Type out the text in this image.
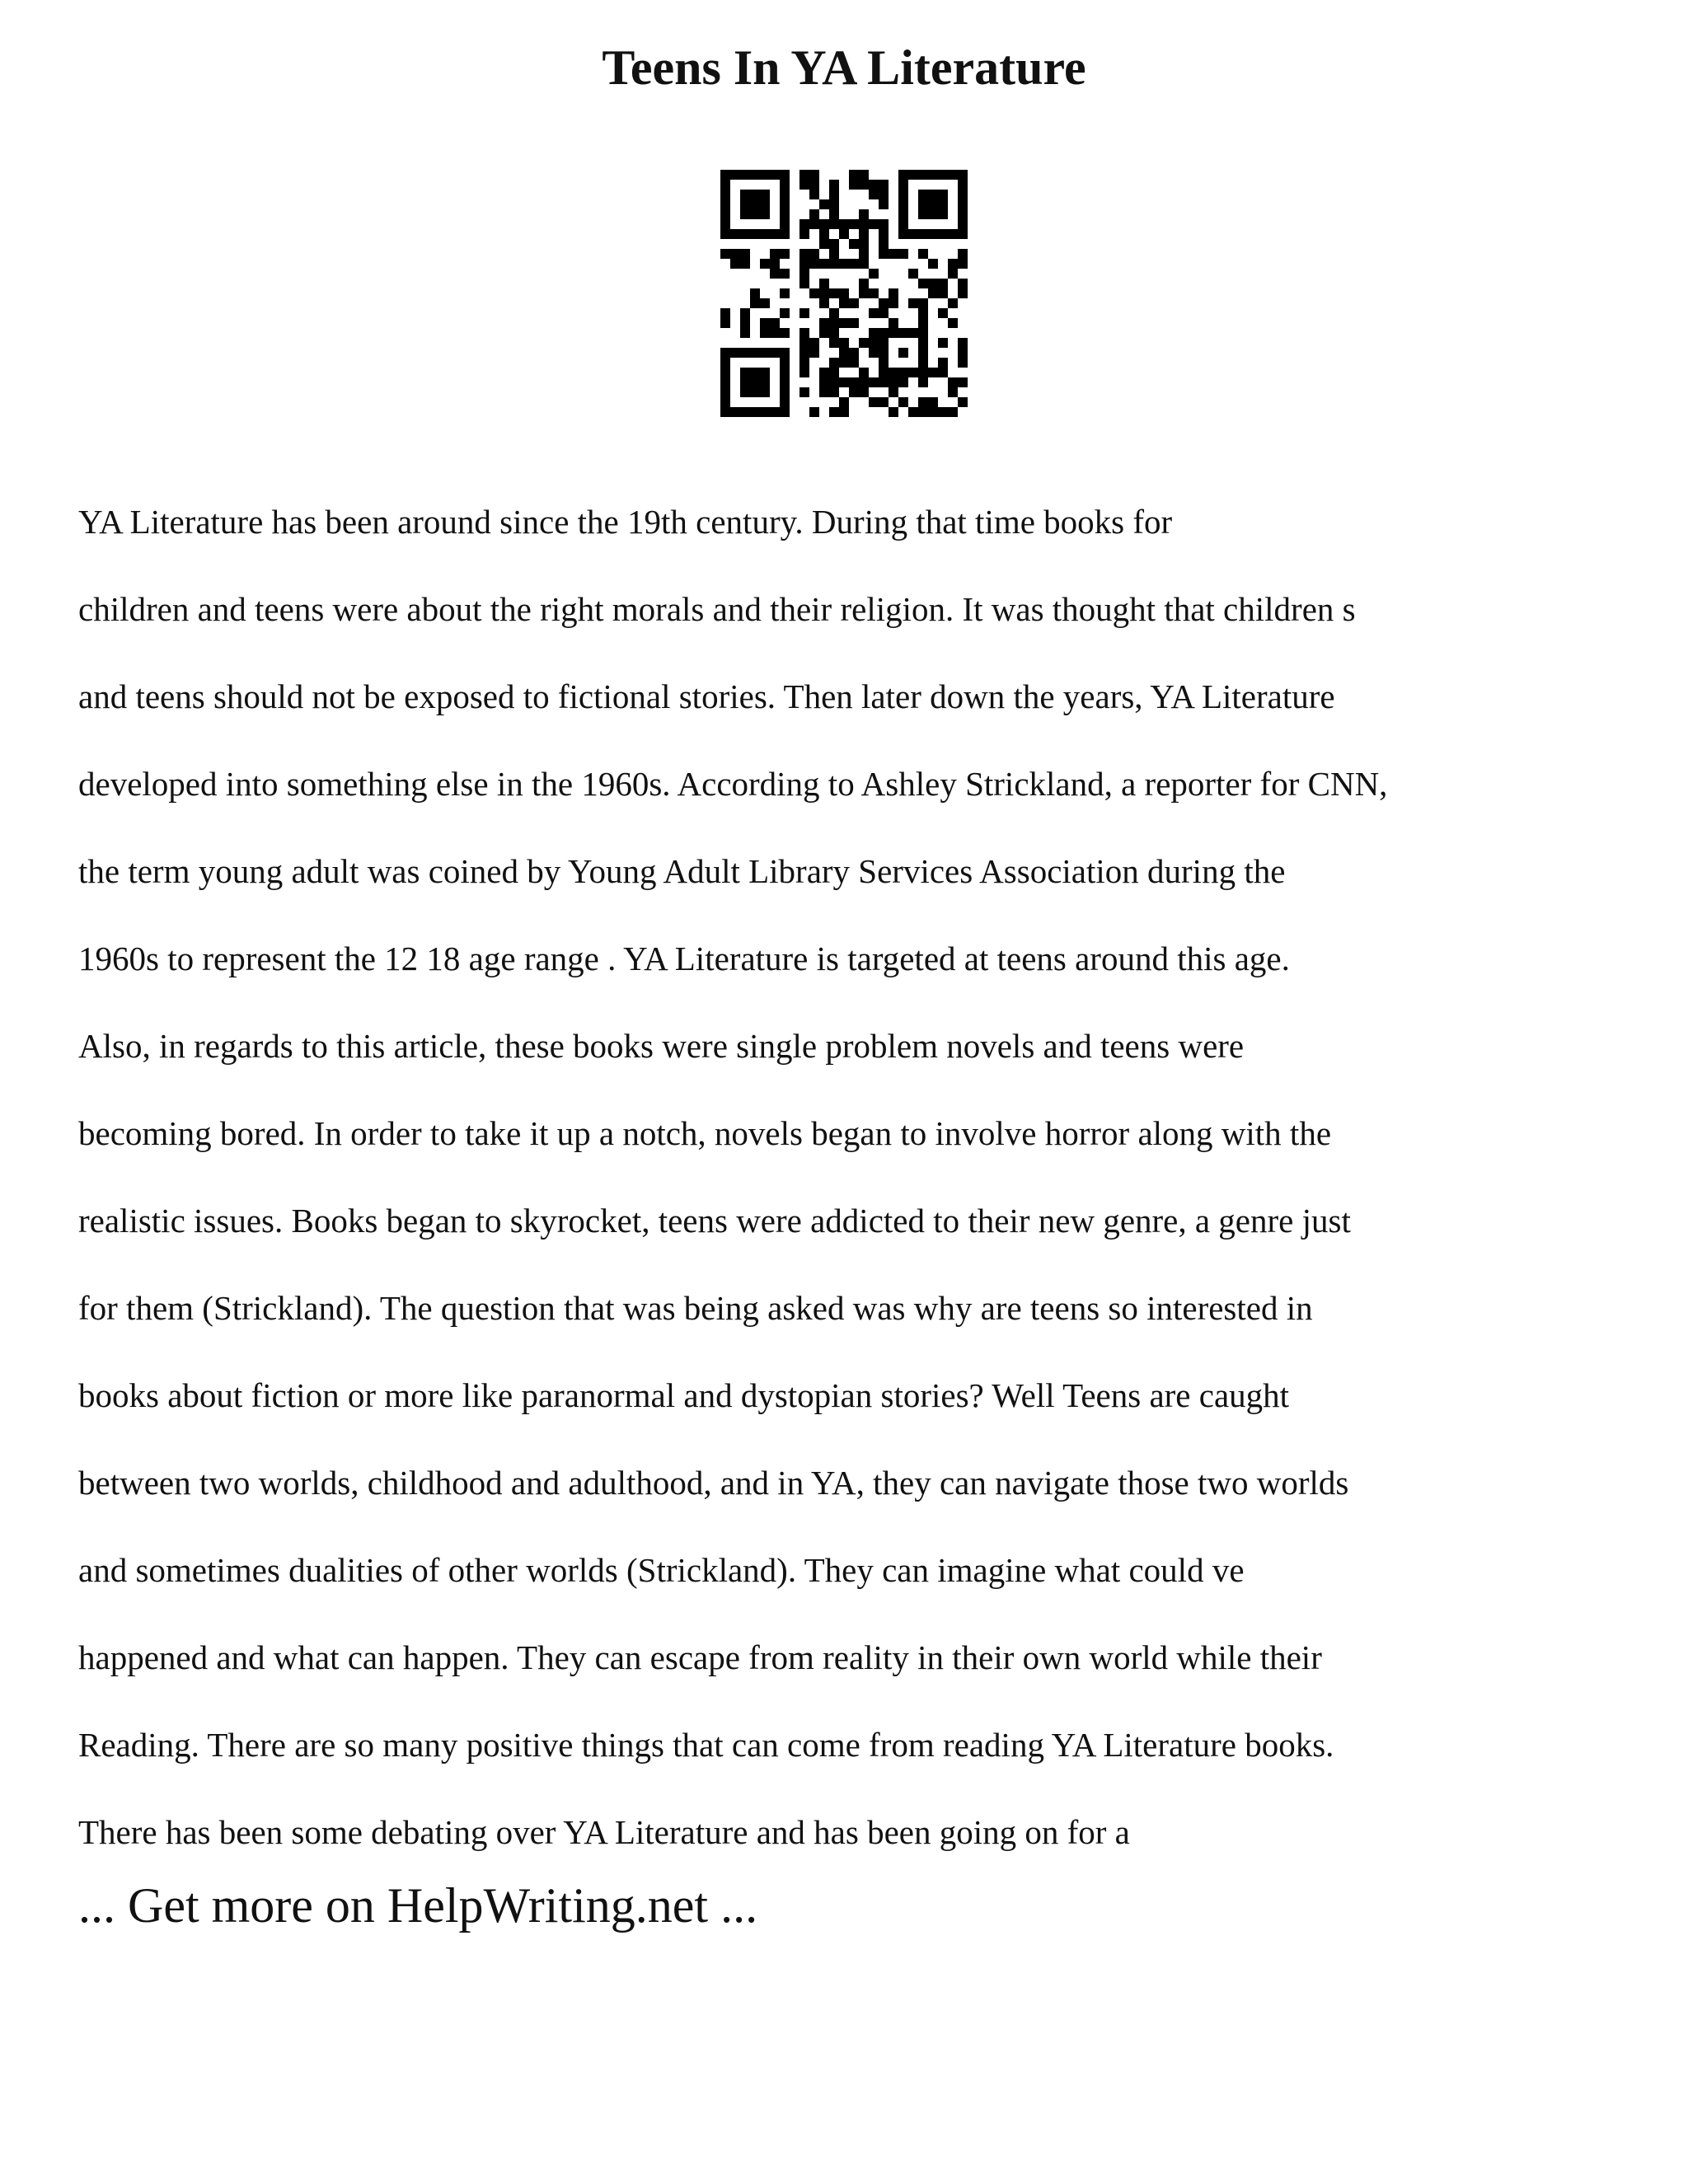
Teens In YA Literature
YA Literature has been around since the 19th century. During that time books for
children and teens were about the right morals and their religion. It was thought that children s
and teens should not be exposed to fictional stories. Then later down the years, YA Literature
developed into something else in the 1960s. According to Ashley Strickland, a reporter for CNN,
the term young adult was coined by Young Adult Library Services Association during the
1960s to represent the 12 18 age range . YA Literature is targeted at teens around this age.
Also, in regards to this article, these books were single problem novels and teens were
becoming bored. In order to take it up a notch, novels began to involve horror along with the
realistic issues. Books began to skyrocket, teens were addicted to their new genre, a genre just
for them (Strickland). The question that was being asked was why are teens so interested in
books about fiction or more like paranormal and dystopian stories? Well Teens are caught
between two worlds, childhood and adulthood, and in YA, they can navigate those two worlds
and sometimes dualities of other worlds (Strickland). They can imagine what could ve
happened and what can happen. They can escape from reality in their own world while their
Reading. There are so many positive things that can come from reading YA Literature books.
There has been some debating over YA Literature and has been going on for a
... Get more on HelpWriting.net ...
